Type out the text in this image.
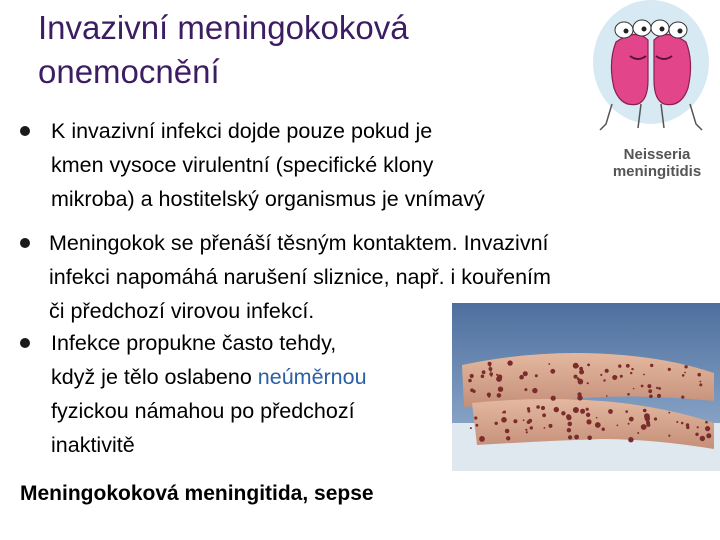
Invazivní meningokoková onemocnění
K invazivní infekci dojde pouze pokud je
kmen vysoce virulentní (specifické klony
mikroba) a hostitelský organismus je vnímavý
Meningokok se přenáší těsným kontaktem. Invazivní
infekci napomáhá narušení sliznice, např. i kouřením
či předchozí virovou infekcí.
Infekce propukne často tehdy,
když je tělo oslabeno neúměrnou
fyzickou námahou po předchozí
inaktivitě
Meningokoková meningitida, sepse
Neisseria
meningitidis
